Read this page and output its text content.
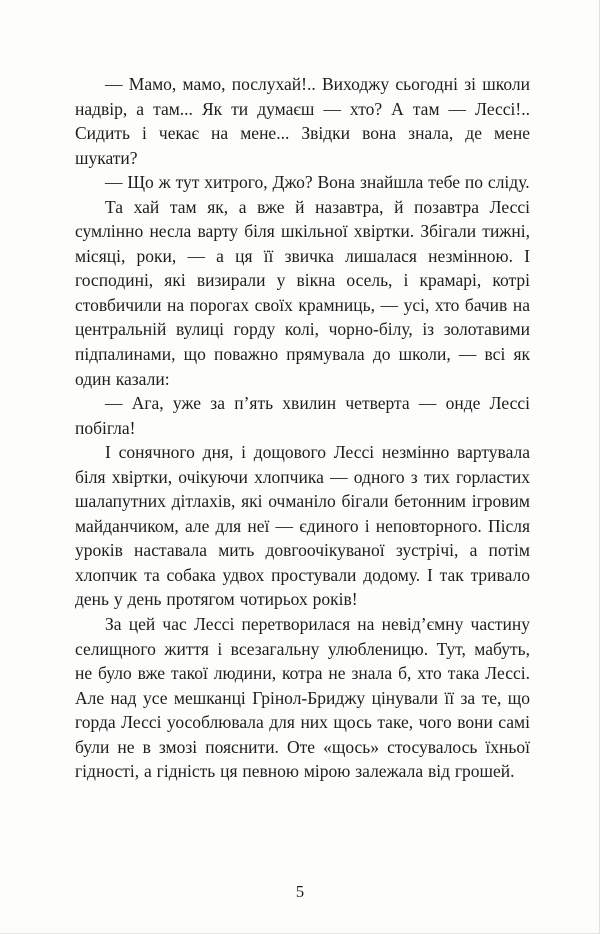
— Мамо, мамо, послухай!.. Виходжу сьогодні зі школи надвір, а там... Як ти думаєш — хто? А там — Лессі!.. Сидить і чекає на мене... Звідки вона знала, де мене шукати?

— Що ж тут хитрого, Джо? Вона знайшла тебе по сліду.

Та хай там як, а вже й назавтра, й позавтра Лессі сумлінно несла варту біля шкільної хвіртки. Збігали тижні, місяці, роки, — а ця її звичка лишалася незмінною. І господині, які визирали у вікна осель, і крамарі, котрі стовбичили на порогах своїх крамниць, — усі, хто бачив на центральній вулиці горду колі, чорно-білу, із золотавими підпалинами, що поважно прямувала до школи, — всі як один казали:

— Ага, уже за п’ять хвилин четверта — онде Лессі побігла!

І сонячного дня, і дощового Лессі незмінно вартувала біля хвіртки, очікуючи хлопчика — одного з тих горластих шалапутних дітлахів, які очманіло бігали бетонним ігровим майданчиком, але для неї — єдиного і неповторного. Після уроків наставала мить довгоочікуваної зустрічі, а потім хлопчик та собака удвох простували додому. І так тривало день у день протягом чотирьох років!

За цей час Лессі перетворилася на невід’ємну частину селищного життя і всезагальну улюбленицю. Тут, мабуть, не було вже такої людини, котра не знала б, хто така Лессі. Але над усе мешканці Грінол-Бриджу цінували її за те, що горда Лессі уособлювала для них щось таке, чого вони самі були не в змозі пояснити. Оте «щось» стосувалось їхньої гідності, а гідність ця певною мірою залежала від грошей.

5
